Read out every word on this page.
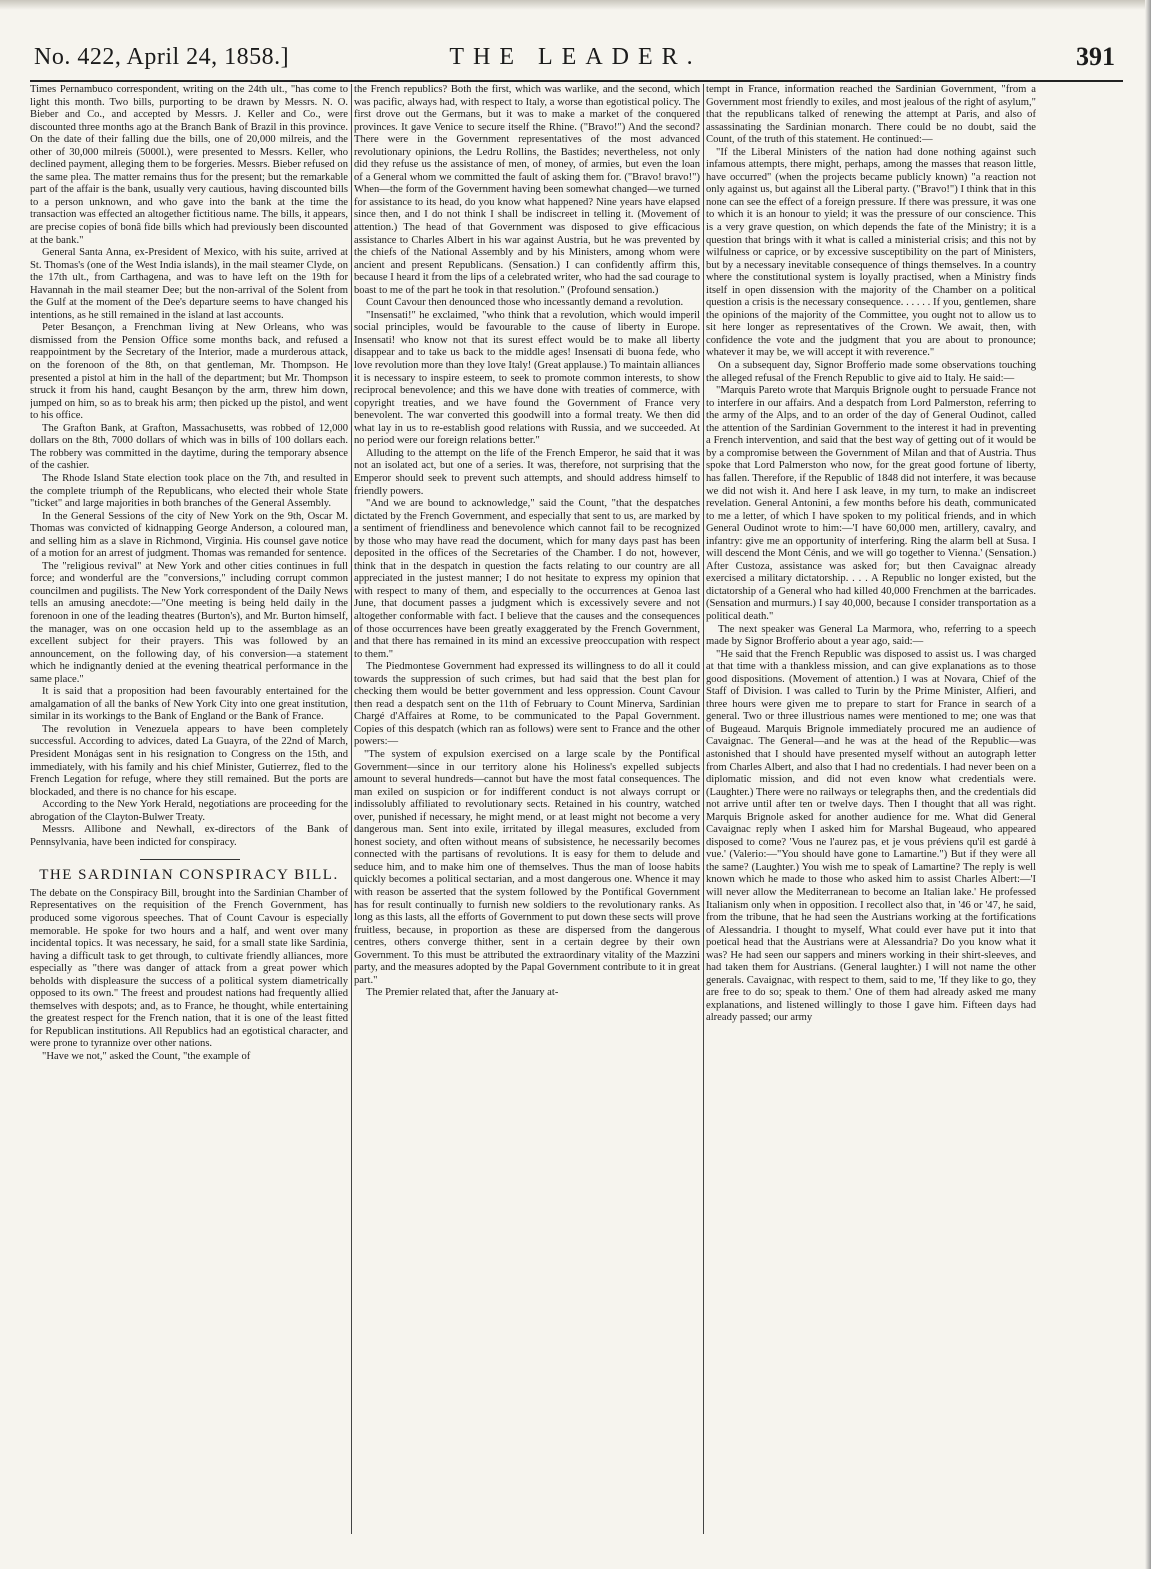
No. 422, April 24, 1858.]	THE LEADER.	391

Times Pernambuco correspondent, writing on the 24th ult., "has come to light this month. Two bills, purporting to be drawn by Messrs. N. O. Bieber and Co., and accepted by Messrs. J. Keller and Co., were discounted three months ago at the Branch Bank of Brazil in this province. On the date of their falling due the bills, one of 20,000 milreis, and the other of 30,000 milreis (5000l.), were presented to Messrs. Keller, who declined payment, alleging them to be forgeries. Messrs. Bieber refused on the same plea. The matter remains thus for the present; but the remarkable part of the affair is the bank, usually very cautious, having discounted bills to a person unknown, and who gave into the bank at the time the transaction was effected an altogether fictitious name. The bills, it appears, are precise copies of bonâ fide bills which had previously been discounted at the bank."

General Santa Anna, ex-President of Mexico, with his suite, arrived at St. Thomas's (one of the West India islands), in the mail steamer Clyde, on the 17th ult., from Carthagena, and was to have left on the 19th for Havannah in the mail steamer Dee; but the non-arrival of the Solent from the Gulf at the moment of the Dee's departure seems to have changed his intentions, as he still remained in the island at last accounts.

Peter Besançon, a Frenchman living at New Orleans, who was dismissed from the Pension Office some months back, and refused a reappointment by the Secretary of the Interior, made a murderous attack, on the forenoon of the 8th, on that gentleman, Mr. Thompson. He presented a pistol at him in the hall of the department; but Mr. Thompson struck it from his hand, caught Besançon by the arm, threw him down, jumped on him, so as to break his arm; then picked up the pistol, and went to his office.

The Grafton Bank, at Grafton, Massachusetts, was robbed of 12,000 dollars on the 8th, 7000 dollars of which was in bills of 100 dollars each. The robbery was committed in the daytime, during the temporary absence of the cashier.

The Rhode Island State election took place on the 7th, and resulted in the complete triumph of the Republicans, who elected their whole State "ticket" and large majorities in both branches of the General Assembly.

In the General Sessions of the city of New York on the 9th, Oscar M. Thomas was convicted of kidnapping George Anderson, a coloured man, and selling him as a slave in Richmond, Virginia. His counsel gave notice of a motion for an arrest of judgment. Thomas was remanded for sentence.

The "religious revival" at New York and other cities continues in full force; and wonderful are the "conversions," including corrupt common councilmen and pugilists. The New York correspondent of the Daily News tells an amusing anecdote:—"One meeting is being held daily in the forenoon in one of the leading theatres (Burton's), and Mr. Burton himself, the manager, was on one occasion held up to the assemblage as an excellent subject for their prayers. This was followed by an announcement, on the following day, of his conversion—a statement which he indignantly denied at the evening theatrical performance in the same place."

It is said that a proposition had been favourably entertained for the amalgamation of all the banks of New York City into one great institution, similar in its workings to the Bank of England or the Bank of France.

The revolution in Venezuela appears to have been completely successful. According to advices, dated La Guayra, of the 22nd of March, President Monágas sent in his resignation to Congress on the 15th, and immediately, with his family and his chief Minister, Gutierrez, fled to the French Legation for refuge, where they still remained. But the ports are blockaded, and there is no chance for his escape.

According to the New York Herald, negotiations are proceeding for the abrogation of the Clayton-Bulwer Treaty.

Messrs. Allibone and Newhall, ex-directors of the Bank of Pennsylvania, have been indicted for conspiracy.

THE SARDINIAN CONSPIRACY BILL.

The debate on the Conspiracy Bill, brought into the Sardinian Chamber of Representatives on the requisition of the French Government, has produced some vigorous speeches. That of Count Cavour is especially memorable. He spoke for two hours and a half, and went over many incidental topics. It was necessary, he said, for a small state like Sardinia, having a difficult task to get through, to cultivate friendly alliances, more especially as "there was danger of attack from a great power which beholds with displeasure the success of a political system diametrically opposed to its own." The freest and proudest nations had frequently allied themselves with despots; and, as to France, he thought, while entertaining the greatest respect for the French nation, that it is one of the least fitted for Republican institutions. All Republics had an egotistical character, and were prone to tyrannize over other nations.

"Have we not," asked the Count, "the example of

the French republics? Both the first, which was warlike, and the second, which was pacific, always had, with respect to Italy, a worse than egotistical policy. The first drove out the Germans, but it was to make a market of the conquered provinces. It gave Venice to secure itself the Rhine. ("Bravo!") And the second? There were in the Government representatives of the most advanced revolutionary opinions, the Ledru Rollins, the Bastides; nevertheless, not only did they refuse us the assistance of men, of money, of armies, but even the loan of a General whom we committed the fault of asking them for. ("Bravo! bravo!") When—the form of the Government having been somewhat changed—we turned for assistance to its head, do you know what happened? Nine years have elapsed since then, and I do not think I shall be indiscreet in telling it. (Movement of attention.) The head of that Government was disposed to give efficacious assistance to Charles Albert in his war against Austria, but he was prevented by the chiefs of the National Assembly and by his Ministers, among whom were ancient and present Republicans. (Sensation.) I can confidently affirm this, because I heard it from the lips of a celebrated writer, who had the sad courage to boast to me of the part he took in that resolution." (Profound sensation.)

Count Cavour then denounced those who incessantly demand a revolution.

"Insensati!" he exclaimed, "who think that a revolution, which would imperil social principles, would be favourable to the cause of liberty in Europe. Insensati! who know not that its surest effect would be to make all liberty disappear and to take us back to the middle ages! Insensati di buona fede, who love revolution more than they love Italy! (Great applause.) To maintain alliances it is necessary to inspire esteem, to seek to promote common interests, to show reciprocal benevolence; and this we have done with treaties of commerce, with copyright treaties, and we have found the Government of France very benevolent. The war converted this goodwill into a formal treaty. We then did what lay in us to re-establish good relations with Russia, and we succeeded. At no period were our foreign relations better."

Alluding to the attempt on the life of the French Emperor, he said that it was not an isolated act, but one of a series. It was, therefore, not surprising that the Emperor should seek to prevent such attempts, and should address himself to friendly powers.

"And we are bound to acknowledge," said the Count, "that the despatches dictated by the French Government, and especially that sent to us, are marked by a sentiment of friendliness and benevolence which cannot fail to be recognized by those who may have read the document, which for many days past has been deposited in the offices of the Secretaries of the Chamber. I do not, however, think that in the despatch in question the facts relating to our country are all appreciated in the justest manner; I do not hesitate to express my opinion that with respect to many of them, and especially to the occurrences at Genoa last June, that document passes a judgment which is excessively severe and not altogether conformable with fact. I believe that the causes and the consequences of those occurrences have been greatly exaggerated by the French Government, and that there has remained in its mind an excessive preoccupation with respect to them."

The Piedmontese Government had expressed its willingness to do all it could towards the suppression of such crimes, but had said that the best plan for checking them would be better government and less oppression. Count Cavour then read a despatch sent on the 11th of February to Count Minerva, Sardinian Chargé d'Affaires at Rome, to be communicated to the Papal Government. Copies of this despatch (which ran as follows) were sent to France and the other powers:—

"The system of expulsion exercised on a large scale by the Pontifical Government—since in our territory alone his Holiness's expelled subjects amount to several hundreds—cannot but have the most fatal consequences. The man exiled on suspicion or for indifferent conduct is not always corrupt or indissolubly affiliated to revolutionary sects. Retained in his country, watched over, punished if necessary, he might mend, or at least might not become a very dangerous man. Sent into exile, irritated by illegal measures, excluded from honest society, and often without means of subsistence, he necessarily becomes connected with the partisans of revolutions. It is easy for them to delude and seduce him, and to make him one of themselves. Thus the man of loose habits quickly becomes a political sectarian, and a most dangerous one. Whence it may with reason be asserted that the system followed by the Pontifical Government has for result continually to furnish new soldiers to the revolutionary ranks. As long as this lasts, all the efforts of Government to put down these sects will prove fruitless, because, in proportion as these are dispersed from the dangerous centres, others converge thither, sent in a certain degree by their own Government. To this must be attributed the extraordinary vitality of the Mazzini party, and the measures adopted by the Papal Government contribute to it in great part."

The Premier related that, after the January at-

tempt in France, information reached the Sardinian Government, "from a Government most friendly to exiles, and most jealous of the right of asylum," that the republicans talked of renewing the attempt at Paris, and also of assassinating the Sardinian monarch. There could be no doubt, said the Count, of the truth of this statement. He continued:—

"If the Liberal Ministers of the nation had done nothing against such infamous attempts, there might, perhaps, among the masses that reason little, have occurred" (when the projects became publicly known) "a reaction not only against us, but against all the Liberal party. ("Bravo!") I think that in this none can see the effect of a foreign pressure. If there was pressure, it was one to which it is an honour to yield; it was the pressure of our conscience. This is a very grave question, on which depends the fate of the Ministry; it is a question that brings with it what is called a ministerial crisis; and this not by wilfulness or caprice, or by excessive susceptibility on the part of Ministers, but by a necessary inevitable consequence of things themselves. In a country where the constitutional system is loyally practised, when a Ministry finds itself in open dissension with the majority of the Chamber on a political question a crisis is the necessary consequence. . . . . . If you, gentlemen, share the opinions of the majority of the Committee, you ought not to allow us to sit here longer as representatives of the Crown. We await, then, with confidence the vote and the judgment that you are about to pronounce; whatever it may be, we will accept it with reverence."

On a subsequent day, Signor Brofferio made some observations touching the alleged refusal of the French Republic to give aid to Italy. He said:—

"Marquis Pareto wrote that Marquis Brignole ought to persuade France not to interfere in our affairs. And a despatch from Lord Palmerston, referring to the army of the Alps, and to an order of the day of General Oudinot, called the attention of the Sardinian Government to the interest it had in preventing a French intervention, and said that the best way of getting out of it would be by a compromise between the Government of Milan and that of Austria. Thus spoke that Lord Palmerston who now, for the great good fortune of liberty, has fallen. Therefore, if the Republic of 1848 did not interfere, it was because we did not wish it. And here I ask leave, in my turn, to make an indiscreet revelation. General Antonini, a few months before his death, communicated to me a letter, of which I have spoken to my political friends, and in which General Oudinot wrote to him:—'I have 60,000 men, artillery, cavalry, and infantry: give me an opportunity of interfering. Ring the alarm bell at Susa. I will descend the Mont Cénis, and we will go together to Vienna.' (Sensation.) After Custoza, assistance was asked for; but then Cavaignac already exercised a military dictatorship. . . . A Republic no longer existed, but the dictatorship of a General who had killed 40,000 Frenchmen at the barricades. (Sensation and murmurs.) I say 40,000, because I consider transportation as a political death."

The next speaker was General La Marmora, who, referring to a speech made by Signor Brofferio about a year ago, said:—

"He said that the French Republic was disposed to assist us. I was charged at that time with a thankless mission, and can give explanations as to those good dispositions. (Movement of attention.) I was at Novara, Chief of the Staff of Division. I was called to Turin by the Prime Minister, Alfieri, and three hours were given me to prepare to start for France in search of a general. Two or three illustrious names were mentioned to me; one was that of Bugeaud. Marquis Brignole immediately procured me an audience of Cavaignac. The General—and he was at the head of the Republic—was astonished that I should have presented myself without an autograph letter from Charles Albert, and also that I had no credentials. I had never been on a diplomatic mission, and did not even know what credentials were. (Laughter.) There were no railways or telegraphs then, and the credentials did not arrive until after ten or twelve days. Then I thought that all was right. Marquis Brignole asked for another audience for me. What did General Cavaignac reply when I asked him for Marshal Bugeaud, who appeared disposed to come? 'Vous ne l'aurez pas, et je vous préviens qu'il est gardé à vue.' (Valerio:—"You should have gone to Lamartine.") But if they were all the same? (Laughter.) You wish me to speak of Lamartine? The reply is well known which he made to those who asked him to assist Charles Albert:—'I will never allow the Mediterranean to become an Italian lake.' He professed Italianism only when in opposition. I recollect also that, in '46 or '47, he said, from the tribune, that he had seen the Austrians working at the fortifications of Alessandria. I thought to myself, What could ever have put it into that poetical head that the Austrians were at Alessandria? Do you know what it was? He had seen our sappers and miners working in their shirt-sleeves, and had taken them for Austrians. (General laughter.) I will not name the other generals. Cavaignac, with respect to them, said to me, 'If they like to go, they are free to do so; speak to them.' One of them had already asked me many explanations, and listened willingly to those I gave him. Fifteen days had already passed; our army
